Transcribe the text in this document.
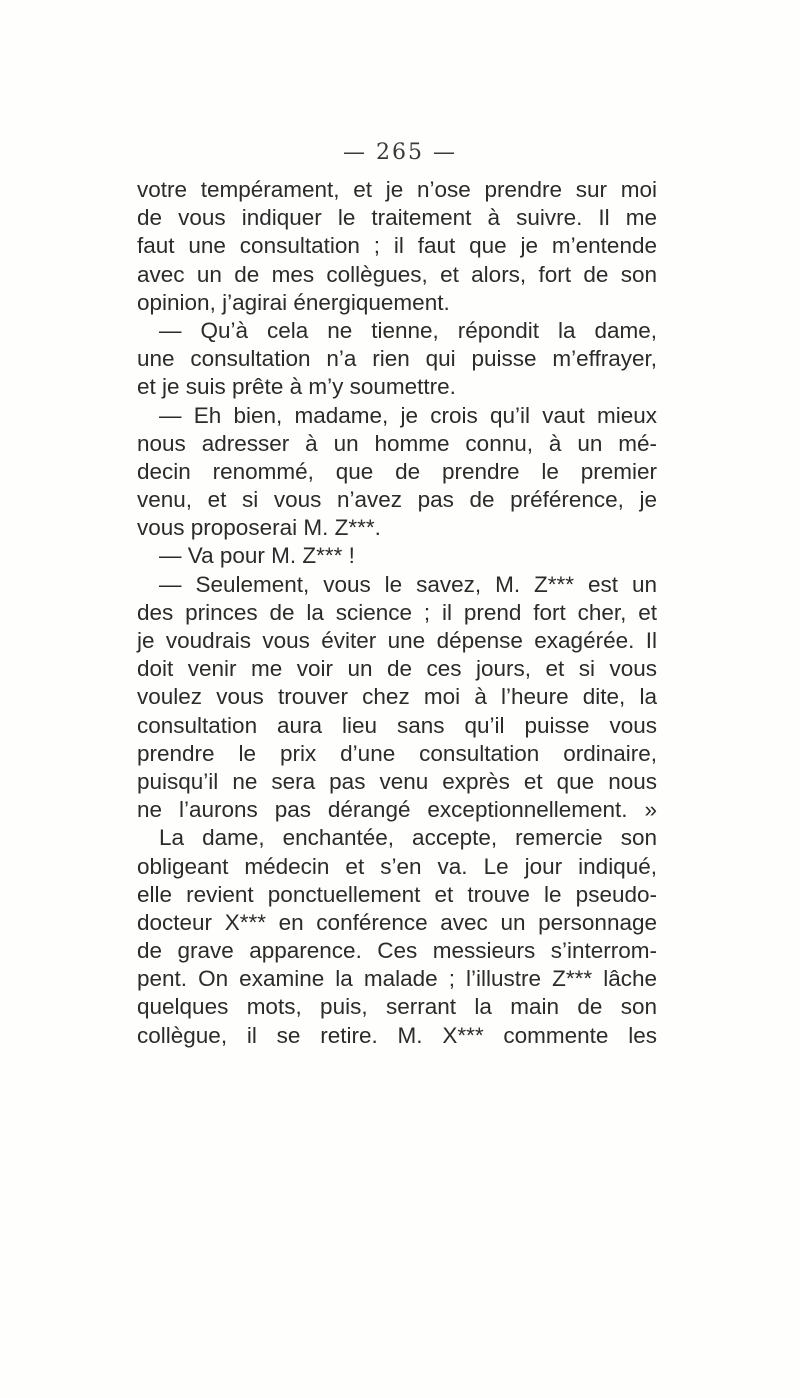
— 265 —
votre tempérament, et je n’ose prendre sur moi
de vous indiquer le traitement à suivre. Il me
faut une consultation ; il faut que je m’entende
avec un de mes collègues, et alors, fort de son
opinion, j’agirai énergiquement.
— Qu’à cela ne tienne, répondit la dame,
une consultation n’a rien qui puisse m’effrayer,
et je suis prête à m’y soumettre.
— Eh bien, madame, je crois qu’il vaut mieux
nous adresser à un homme connu, à un mé-
decin renommé, que de prendre le premier
venu, et si vous n’avez pas de préférence, je
vous proposerai M. Z***.
— Va pour M. Z*** !
— Seulement, vous le savez, M. Z*** est un
des princes de la science ; il prend fort cher, et
je voudrais vous éviter une dépense exagérée. Il
doit venir me voir un de ces jours, et si vous
voulez vous trouver chez moi à l’heure dite, la
consultation aura lieu sans qu’il puisse vous
prendre le prix d’une consultation ordinaire,
puisqu’il ne sera pas venu exprès et que nous
ne l’aurons pas dérangé exceptionnellement. »
La dame, enchantée, accepte, remercie son
obligeant médecin et s’en va. Le jour indiqué,
elle revient ponctuellement et trouve le pseudo-
docteur X*** en conférence avec un personnage
de grave apparence. Ces messieurs s’interrom-
pent. On examine la malade ; l’illustre Z*** lâche
quelques mots, puis, serrant la main de son
collègue, il se retire. M. X*** commente les
